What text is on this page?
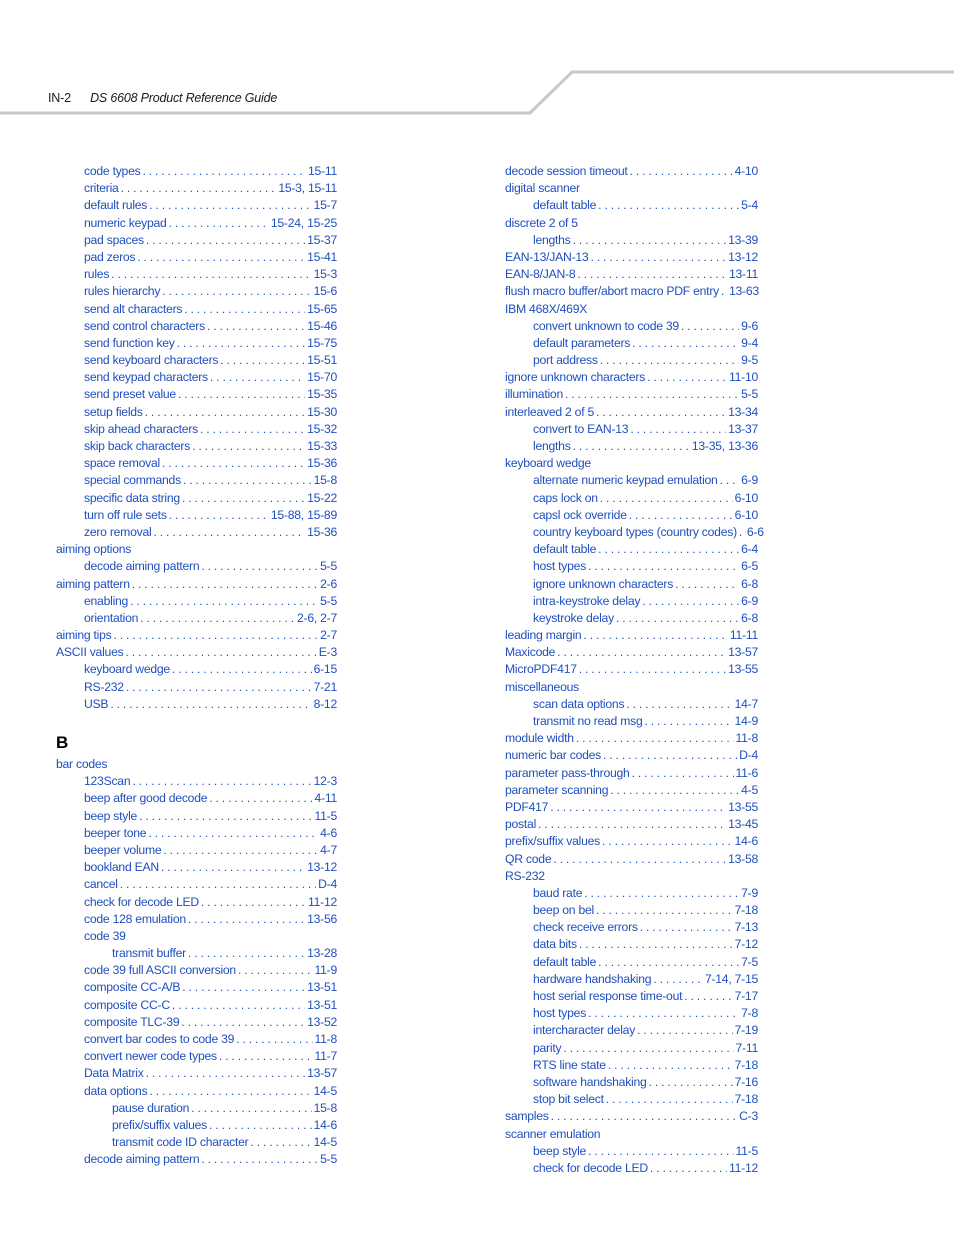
IN-2 DS 6608 Product Reference Guide
code types . . .	15-11
criteria . . .	15-3, 15-11
default rules . . .	15-7
numeric keypad . . .	15-24, 15-25
pad spaces . . .	15-37
pad zeros . . .	15-41
rules . . .	15-3
rules hierarchy . . .	15-6
send alt characters . . .	15-65
send control characters . . .	15-46
send function key . . .	15-75
send keyboard characters . . .	15-51
send keypad characters . . .	15-70
send preset value . . .	15-35
setup fields . . .	15-30
skip ahead characters . . .	15-32
skip back characters . . .	15-33
space removal . . .	15-36
special commands . . .	15-8
specific data string . . .	15-22
turn off rule sets . . .	15-88, 15-89
zero removal . . .	15-36
aiming options
decode aiming pattern . . .	5-5
aiming pattern . . .	2-6
enabling . . .	5-5
orientation . . .	2-6, 2-7
aiming tips . . .	2-7
ASCII values . . .	E-3
keyboard wedge . . .	6-15
RS-232 . . .	7-21
USB . . .	8-12
B
bar codes
123Scan . . .	12-3
beep after good decode . . .	4-11
beep style . . .	11-5
beeper tone . . .	4-6
beeper volume . . .	4-7
bookland EAN . . .	13-12
cancel . . .	D-4
check for decode LED . . .	11-12
code 128 emulation . . .	13-56
code 39
transmit buffer . . .	13-28
code 39 full ASCII conversion . . .	11-9
composite CC-A/B . . .	13-51
composite CC-C . . .	13-51
composite TLC-39 . . .	13-52
convert bar codes to code 39 . . .	11-8
convert newer code types . . .	11-7
Data Matrix . . .	13-57
data options . . .	14-5
pause duration . . .	15-8
prefix/suffix values . . .	14-6
transmit code ID character . . .	14-5
decode aiming pattern . . .	5-5
decode session timeout . . .	4-10
digital scanner
default table . . .	5-4
discrete 2 of 5
lengths . . .	13-39
EAN-13/JAN-13 . . .	13-12
EAN-8/JAN-8 . . .	13-11
flush macro buffer/abort macro PDF entry . . . 13-63
IBM 468X/469X
convert unknown to code 39 . . .	9-6
default parameters . . .	9-4
port address . . .	9-5
ignore unknown characters . . .	11-10
illumination . . .	5-5
interleaved 2 of 5 . . .	13-34
convert to EAN-13 . . .	13-37
lengths . . .	13-35, 13-36
keyboard wedge
alternate numeric keypad emulation . . . 6-9
caps lock on . . .	6-10
capsl ock override . . .	6-10
country keyboard types (country codes) . . . 6-6
default table . . .	6-4
host types . . .	6-5
ignore unknown characters . . .	6-8
intra-keystroke delay . . .	6-9
keystroke delay . . .	6-8
leading margin . . .	11-11
Maxicode . . .	13-57
MicroPDF417 . . .	13-55
miscellaneous
scan data options . . .	14-7
transmit no read msg . . .	14-9
module width . . .	11-8
numeric bar codes . . .	D-4
parameter pass-through . . .	11-6
parameter scanning . . .	4-5
PDF417 . . .	13-55
postal . . .	13-45
prefix/suffix values . . .	14-6
QR code . . .	13-58
RS-232
baud rate . . .	7-9
beep on bel . . .	7-18
check receive errors . . .	7-13
data bits . . .	7-12
default table . . .	7-5
hardware handshaking . . .	7-14, 7-15
host serial response time-out . . .	7-17
host types . . .	7-8
intercharacter delay . . .	7-19
parity . . .	7-11
RTS line state . . .	7-18
software handshaking . . .	7-16
stop bit select . . .	7-18
samples . . .	C-3
scanner emulation
beep style . . .	11-5
check for decode LED . . .	11-12
